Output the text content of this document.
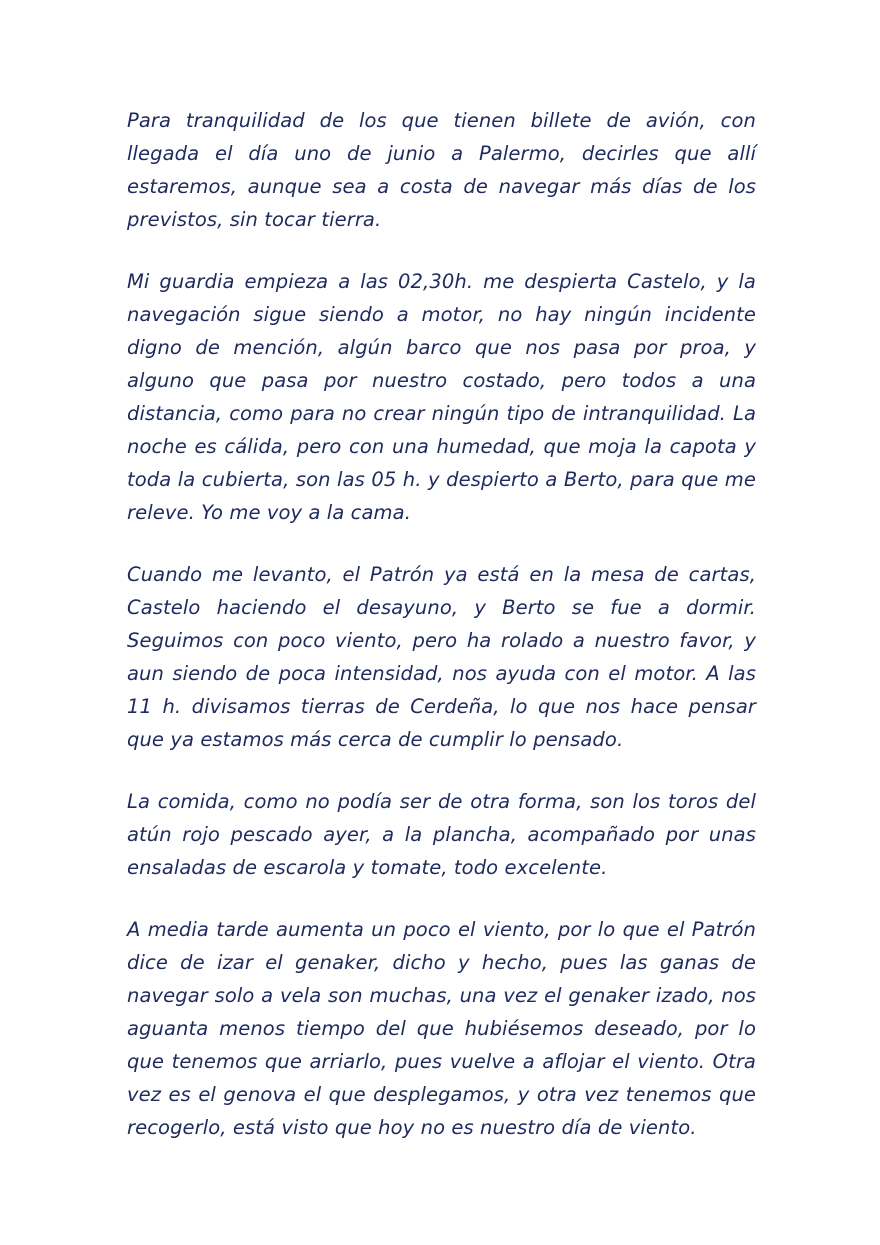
Para tranquilidad de los que tienen billete de avión, con llegada el día uno de junio a Palermo, decirles que allí estaremos, aunque sea a costa de navegar más días de los previstos, sin tocar tierra.

Mi guardia empieza a las 02,30h. me despierta Castelo, y la navegación sigue siendo a motor, no hay ningún incidente digno de mención, algún barco que nos pasa por proa, y alguno que pasa por nuestro costado, pero todos a una distancia, como para no crear ningún tipo de intranquilidad. La noche es cálida, pero con una humedad, que moja la capota y toda la cubierta, son las 05 h. y despierto a Berto, para que me releve. Yo me voy a la cama.

Cuando me levanto, el Patrón ya está en la mesa de cartas, Castelo haciendo el desayuno, y Berto se fue a dormir. Seguimos con poco viento, pero ha rolado a nuestro favor, y aun siendo de poca intensidad, nos ayuda con el motor. A las 11 h. divisamos tierras de Cerdeña, lo que nos hace pensar que ya estamos más cerca de cumplir lo pensado.

La comida, como no podía ser de otra forma, son los toros del atún rojo pescado ayer, a la plancha, acompañado por unas ensaladas de escarola y tomate, todo excelente.

A media tarde aumenta un poco el viento, por lo que el Patrón dice de izar el genaker, dicho y hecho, pues las ganas de navegar solo a vela son muchas, una vez el genaker izado, nos aguanta menos tiempo del que hubiésemos deseado, por lo que tenemos que arriarlo, pues vuelve a aflojar el viento. Otra vez es el genova el que desplegamos, y otra vez tenemos que recogerlo, está visto que hoy no es nuestro día de viento.
